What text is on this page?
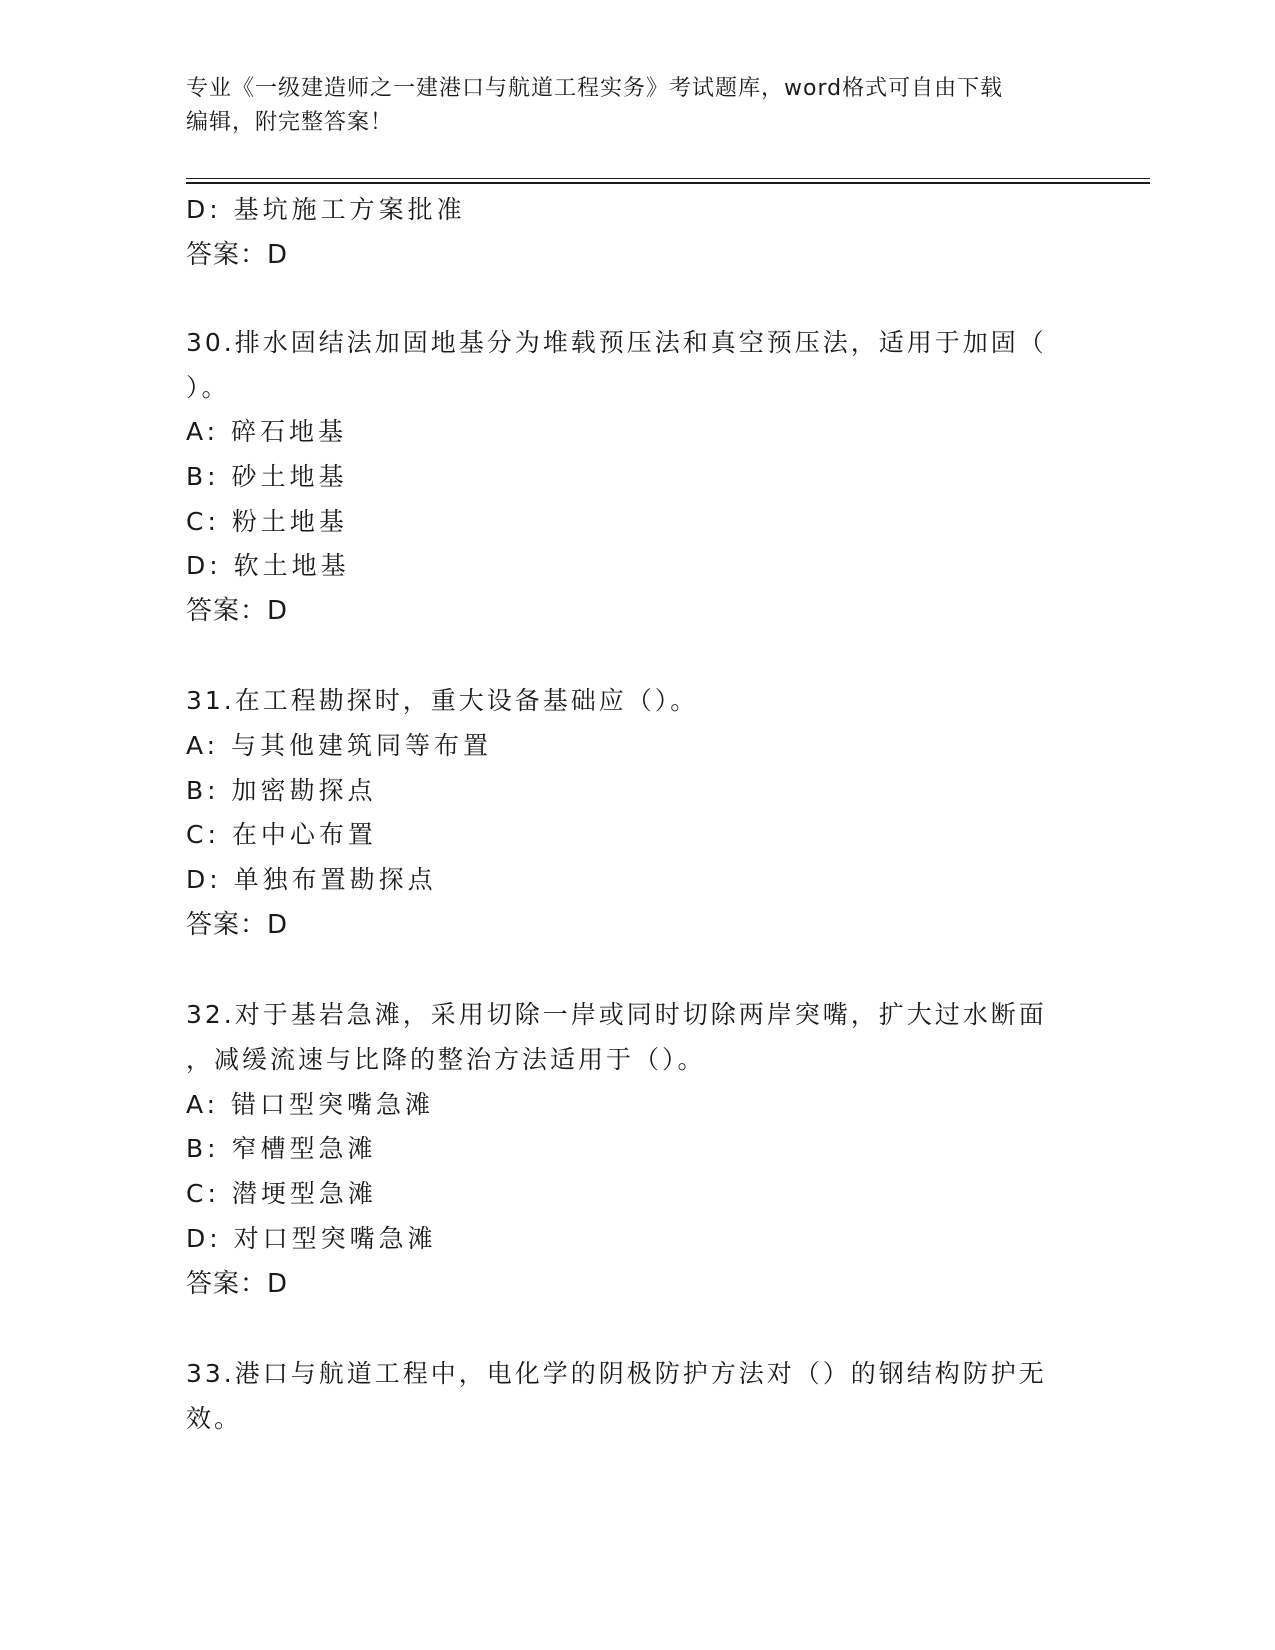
专业《一级建造师之一建港口与航道工程实务》考试题库，word格式可自由下载
编辑，附完整答案！
D: 基坑施工方案批准
答案：D
30.排水固结法加固地基分为堆载预压法和真空预压法，适用于加固（
）。
A: 碎石地基
B: 砂土地基
C: 粉土地基
D: 软土地基
答案：D
31.在工程勘探时，重大设备基础应（）。
A: 与其他建筑同等布置
B: 加密勘探点
C: 在中心布置
D: 单独布置勘探点
答案：D
32.对于基岩急滩，采用切除一岸或同时切除两岸突嘴，扩大过水断面
，减缓流速与比降的整治方法适用于（）。
A: 错口型突嘴急滩
B: 窄槽型急滩
C: 潜埂型急滩
D: 对口型突嘴急滩
答案：D
33.港口与航道工程中，电化学的阴极防护方法对（）的钢结构防护无
效。
